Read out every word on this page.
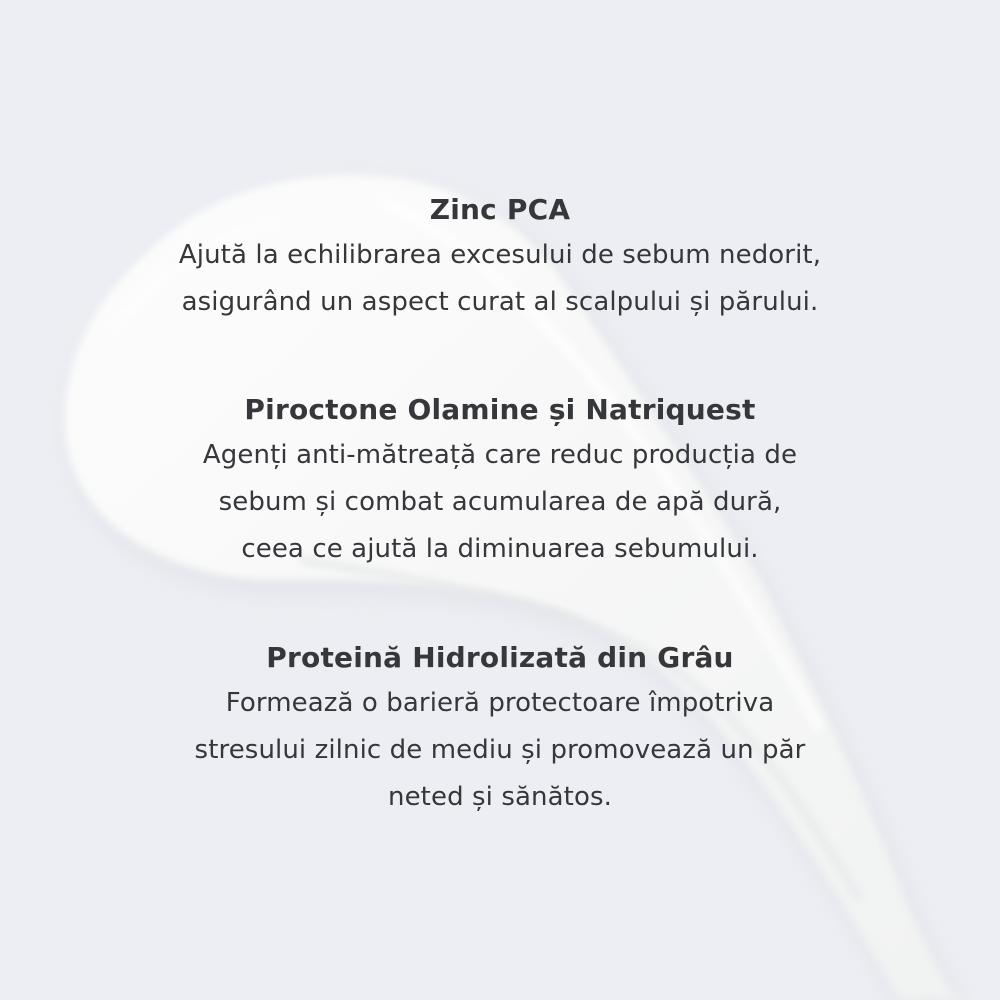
Zinc PCA

Ajută la echilibrarea excesului de sebum nedorit,
asigurând un aspect curat al scalpului și părului.

Piroctone Olamine și Natriquest

Agenți anti-mătreață care reduc producția de
sebum și combat acumularea de apă dură,
ceea ce ajută la diminuarea sebumului.

Proteină Hidrolizată din Grâu

Formează o barieră protectoare împotriva
stresului zilnic de mediu și promovează un păr
neted și sănătos.
